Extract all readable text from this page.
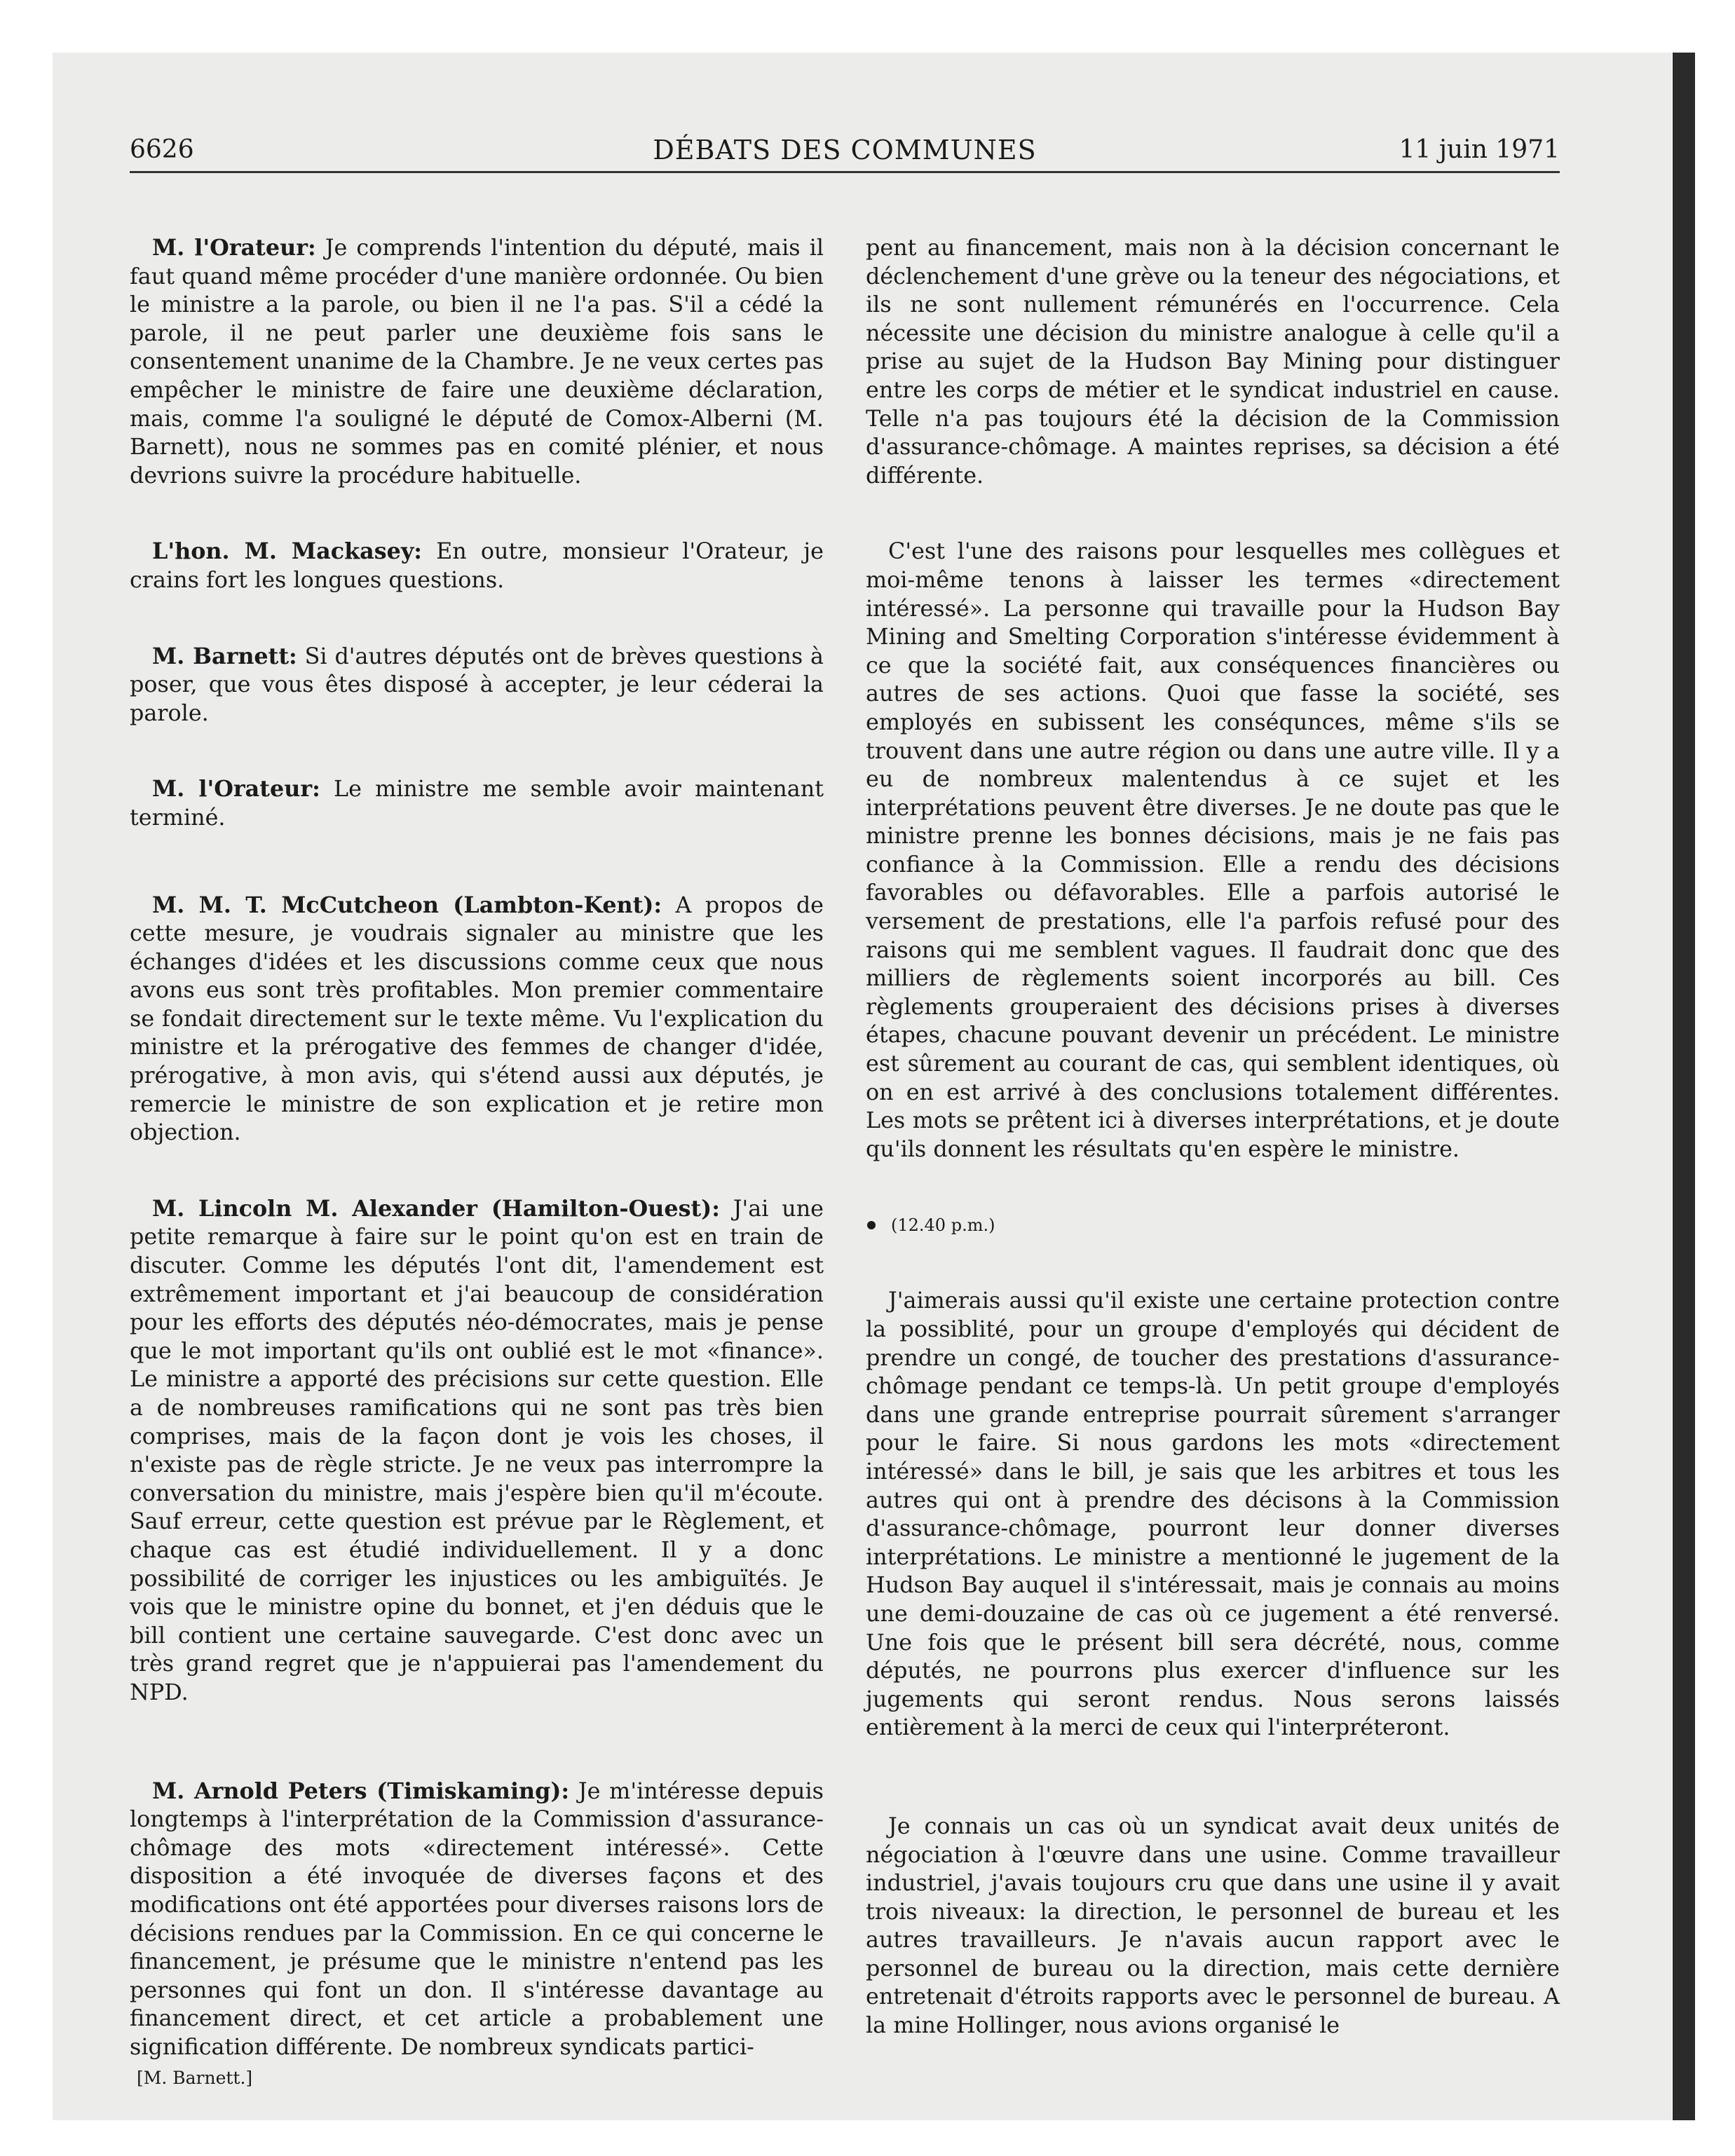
6626	DÉBATS DES COMMUNES	11 juin 1971

M. l'Orateur: Je comprends l'intention du député, mais il faut quand même procéder d'une manière ordonnée. Ou bien le ministre a la parole, ou bien il ne l'a pas. S'il a cédé la parole, il ne peut parler une deuxième fois sans le consentement unanime de la Chambre. Je ne veux certes pas empêcher le ministre de faire une deuxième déclaration, mais, comme l'a souligné le député de Comox-Alberni (M. Barnett), nous ne sommes pas en comité plénier, et nous devrions suivre la procédure habituelle.

L'hon. M. Mackasey: En outre, monsieur l'Orateur, je crains fort les longues questions.

M. Barnett: Si d'autres députés ont de brèves questions à poser, que vous êtes disposé à accepter, je leur céderai la parole.

M. l'Orateur: Le ministre me semble avoir maintenant terminé.

M. M. T. McCutcheon (Lambton-Kent): A propos de cette mesure, je voudrais signaler au ministre que les échanges d'idées et les discussions comme ceux que nous avons eus sont très profitables. Mon premier commentaire se fondait directement sur le texte même. Vu l'explication du ministre et la prérogative des femmes de changer d'idée, prérogative, à mon avis, qui s'étend aussi aux députés, je remercie le ministre de son explication et je retire mon objection.

M. Lincoln M. Alexander (Hamilton-Ouest): J'ai une petite remarque à faire sur le point qu'on est en train de discuter. Comme les députés l'ont dit, l'amendement est extrêmement important et j'ai beaucoup de considération pour les efforts des députés néo-démocrates, mais je pense que le mot important qu'ils ont oublié est le mot «finance». Le ministre a apporté des précisions sur cette question. Elle a de nombreuses ramifications qui ne sont pas très bien comprises, mais de la façon dont je vois les choses, il n'existe pas de règle stricte. Je ne veux pas interrompre la conversation du ministre, mais j'espère bien qu'il m'écoute. Sauf erreur, cette question est prévue par le Règlement, et chaque cas est étudié individuellement. Il y a donc possibilité de corriger les injustices ou les ambiguïtés. Je vois que le ministre opine du bonnet, et j'en déduis que le bill contient une certaine sauvegarde. C'est donc avec un très grand regret que je n'appuierai pas l'amendement du NPD.

M. Arnold Peters (Timiskaming): Je m'intéresse depuis longtemps à l'interprétation de la Commission d'assurance-chômage des mots «directement intéressé». Cette disposition a été invoquée de diverses façons et des modifications ont été apportées pour diverses raisons lors de décisions rendues par la Commission. En ce qui concerne le financement, je présume que le ministre n'entend pas les personnes qui font un don. Il s'intéresse davantage au financement direct, et cet article a probablement une signification différente. De nombreux syndicats partici-

[M. Barnett.]

pent au financement, mais non à la décision concernant le déclenchement d'une grève ou la teneur des négociations, et ils ne sont nullement rémunérés en l'occurrence. Cela nécessite une décision du ministre analogue à celle qu'il a prise au sujet de la Hudson Bay Mining pour distinguer entre les corps de métier et le syndicat industriel en cause. Telle n'a pas toujours été la décision de la Commission d'assurance-chômage. A maintes reprises, sa décision a été différente.

C'est l'une des raisons pour lesquelles mes collègues et moi-même tenons à laisser les termes «directement intéressé». La personne qui travaille pour la Hudson Bay Mining and Smelting Corporation s'intéresse évidemment à ce que la société fait, aux conséquences financières ou autres de ses actions. Quoi que fasse la société, ses employés en subissent les conséqunces, même s'ils se trouvent dans une autre région ou dans une autre ville. Il y a eu de nombreux malentendus à ce sujet et les interprétations peuvent être diverses. Je ne doute pas que le ministre prenne les bonnes décisions, mais je ne fais pas confiance à la Commission. Elle a rendu des décisions favorables ou défavorables. Elle a parfois autorisé le versement de prestations, elle l'a parfois refusé pour des raisons qui me semblent vagues. Il faudrait donc que des milliers de règlements soient incorporés au bill. Ces règlements grouperaient des décisions prises à diverses étapes, chacune pouvant devenir un précédent. Le ministre est sûrement au courant de cas, qui semblent identiques, où on en est arrivé à des conclusions totalement différentes. Les mots se prêtent ici à diverses interprétations, et je doute qu'ils donnent les résultats qu'en espère le ministre.

(12.40 p.m.)

J'aimerais aussi qu'il existe une certaine protection contre la possiblité, pour un groupe d'employés qui décident de prendre un congé, de toucher des prestations d'assurance-chômage pendant ce temps-là. Un petit groupe d'employés dans une grande entreprise pourrait sûrement s'arranger pour le faire. Si nous gardons les mots «directement intéressé» dans le bill, je sais que les arbitres et tous les autres qui ont à prendre des décisons à la Commission d'assurance-chômage, pourront leur donner diverses interprétations. Le ministre a mentionné le jugement de la Hudson Bay auquel il s'intéressait, mais je connais au moins une demi-douzaine de cas où ce jugement a été renversé. Une fois que le présent bill sera décrété, nous, comme députés, ne pourrons plus exercer d'influence sur les jugements qui seront rendus. Nous serons laissés entièrement à la merci de ceux qui l'interpréteront.

Je connais un cas où un syndicat avait deux unités de négociation à l'œuvre dans une usine. Comme travailleur industriel, j'avais toujours cru que dans une usine il y avait trois niveaux: la direction, le personnel de bureau et les autres travailleurs. Je n'avais aucun rapport avec le personnel de bureau ou la direction, mais cette dernière entretenait d'étroits rapports avec le personnel de bureau. A la mine Hollinger, nous avions organisé le
